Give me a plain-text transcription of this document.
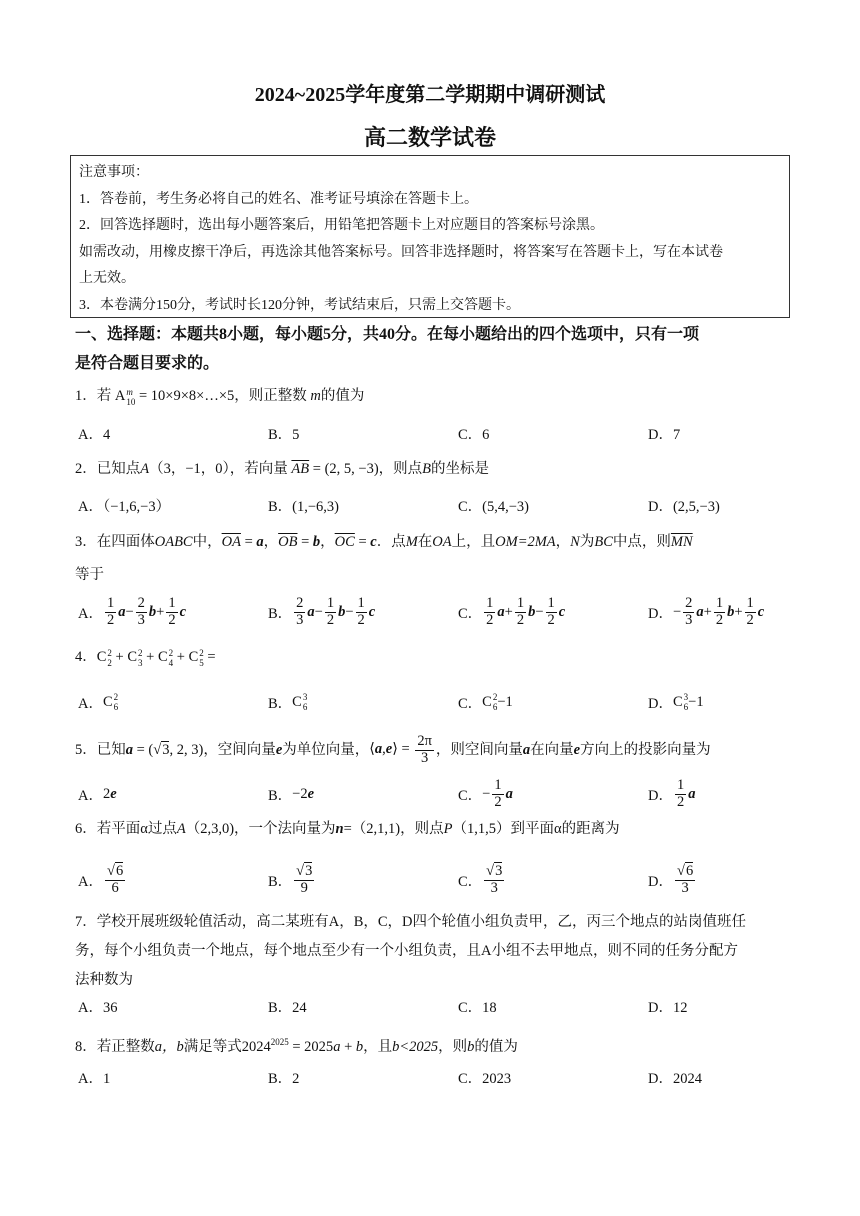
2024~2025学年度第二学期期中调研测试
高二数学试卷
注意事项：
1．答卷前，考生务必将自己的姓名、准考证号填涂在答题卡上。
2．回答选择题时，选出每小题答案后，用铅笔把答题卡上对应题目的答案标号涂黑。
如需改动，用橡皮擦干净后，再选涂其他答案标号。回答非选择题时，将答案写在答题卡上，写在本试卷
上无效。
3．本卷满分150分，考试时长120分钟，考试结束后，只需上交答题卡。
一、选择题：本题共8小题，每小题5分，共40分。在每小题给出的四个选项中，只有一项
是符合题目要求的。
1．若 A m
10 = 10×9×8×…×5，则正整数 m的值为
A．4	B．5	C．6	D．7
2．已知点A（3，−1，0），若向量 $\overline{AB} = (2$, 5, −3)，则点B的坐标是
A．（−1,6,−3）	B．(1,−6,3)	C．(5,4,−3)	D．(2,5,−3)
3．在四面体OABC中，$\overline{OA} = a$，$\overline{OB} = b$，$\overline{OC} = c$．点M在OA上，且OM=2MA，N为BC中点，则$\overline{MN}$
等于
A． $\frac{1}{2}$ $a - \frac{2}{3}$ $b + \frac{1}{2}$ c	B． $\frac{2}{3}$ $a - \frac{1}{2}$ $b - \frac{1}{2}$ c	C． $\frac{1}{2}$ $a + \frac{1}{2}$ $b - \frac{1}{2}$ c	D． − $\frac{2}{3}$ $a + \frac{1}{2}$ $b + \frac{1}{2}$ c
4．C 2
2 + C 2
3 + C 2
4 + C 2
5 =
A． C 2
6	B． C 3
6	C． C 2
6 −1	D． C 3
6 −1
5．已知 a = (√3, 2, 3) ，空间向量 e 为单位向量， ⟨a,e⟩ = $\frac{2\pi}{3}$ ，则空间向量 a 在向量 e 方向上的投影向量为
A． 2 e	B． −2 e	C． − $\frac{1}{2}$ a	D． $\frac{1}{2}$ a
6．若平面α过点A（2,3,0)，一个法向量为n=（2,1,1)，则点P（1,1,5）到平面α的距离为
A． $\frac{√6}{6}$	B． $\frac{√3}{9}$	C． $\frac{√3}{3}$	D． $\frac{√6}{3}$
7．学校开展班级轮值活动，高二某班有A，B，C，D四个轮值小组负责甲，乙，丙三个地点的站岗值班任
务，每个小组负责一个地点，每个地点至少有一个小组负责，且A小组不去甲地点，则不同的任务分配方
法种数为
A．36	B．24	C．18	D．12
8．若正整数a，b满足等式$2024^{2025} = 2025a + b$，且b<2025，则b的值为
A．1	B．2	C．2023	D．2024
